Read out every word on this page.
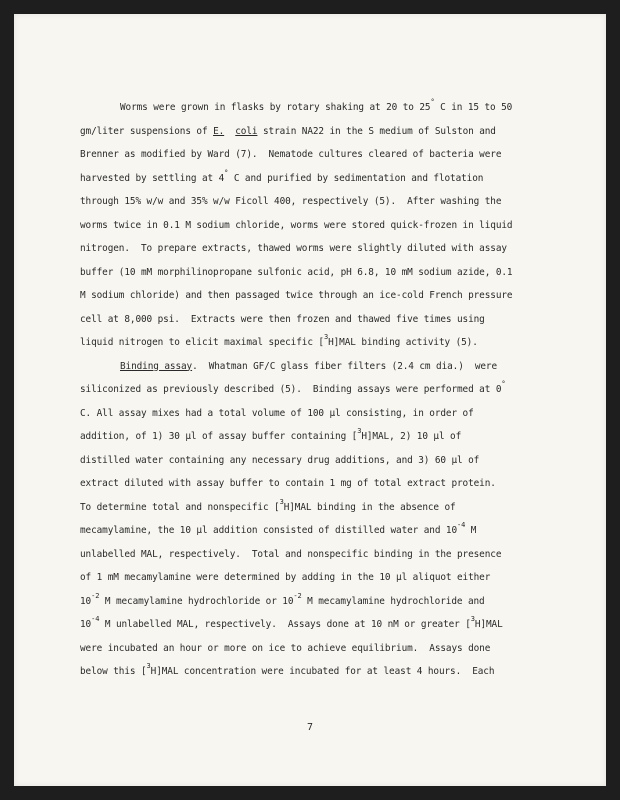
Worms were grown in flasks by rotary shaking at 20 to 25° C in 15 to 50
gm/liter suspensions of E. coli strain NA22 in the S medium of Sulston and
Brenner as modified by Ward (7).  Nematode cultures cleared of bacteria were
harvested by settling at 4° C and purified by sedimentation and flotation
through 15% w/w and 35% w/w Ficoll 400, respectively (5).  After washing the
worms twice in 0.1 M sodium chloride, worms were stored quick-frozen in liquid
nitrogen.  To prepare extracts, thawed worms were slightly diluted with assay
buffer (10 mM morphilinopropane sulfonic acid, pH 6.8, 10 mM sodium azide, 0.1
M sodium chloride) and then passaged twice through an ice-cold French pressure
cell at 8,000 psi.  Extracts were then frozen and thawed five times using
liquid nitrogen to elicit maximal specific [$^3$H]MAL binding activity (5).
Binding assay.  Whatman GF/C glass fiber filters (2.4 cm dia.)  were
siliconized as previously described (5).  Binding assays were performed at 0°
C. All assay mixes had a total volume of 100 µl consisting, in order of
addition, of 1) 30 µl of assay buffer containing [$^3$H]MAL, 2) 10 µl of
distilled water containing any necessary drug additions, and 3) 60 µl of
extract diluted with assay buffer to contain 1 mg of total extract protein.
To determine total and nonspecific [$^3$H]MAL binding in the absence of
mecamylamine, the 10 µl addition consisted of distilled water and $10^{-4}$ M
unlabelled MAL, respectively.  Total and nonspecific binding in the presence
of 1 mM mecamylamine were determined by adding in the 10 µl aliquot either
$10^{-2}$ M mecamylamine hydrochloride or $10^{-2}$ M mecamylamine hydrochloride and
$10^{-4}$ M unlabelled MAL, respectively.  Assays done at 10 nM or greater [$^3$H]MAL
were incubated an hour or more on ice to achieve equilibrium.  Assays done
below this [$^3$H]MAL concentration were incubated for at least 4 hours.  Each
7
